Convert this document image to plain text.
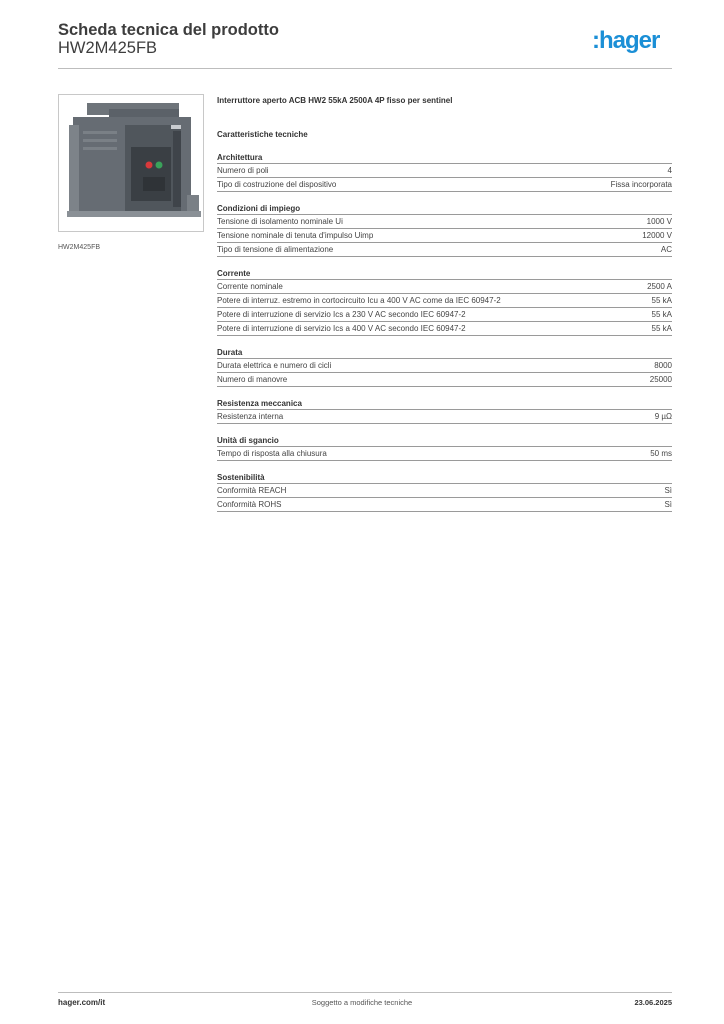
Scheda tecnica del prodotto
HW2M425FB	:hager
HW2M425FB
Interruttore aperto ACB HW2 55kA 2500A 4P fisso per sentinel
Caratteristiche tecniche
Architettura
Numero di poli	4
Tipo di costruzione del dispositivo	Fissa incorporata
Condizioni di impiego
Tensione di isolamento nominale Ui	1000 V
Tensione nominale di tenuta d'impulso Uimp	12000 V
Tipo di tensione di alimentazione	AC
Corrente
Corrente nominale	2500 A
Potere di interruz. estremo in cortocircuito Icu a 400 V AC come da IEC 60947-2	55 kA
Potere di interruzione di servizio Ics a 230 V AC secondo IEC 60947-2	55 kA
Potere di interruzione di servizio Ics a 400 V AC secondo IEC 60947-2	55 kA
Durata
Durata elettrica e numero di cicli	8000
Numero di manovre	25000
Resistenza meccanica
Resistenza interna	9 µΩ
Unità di sgancio
Tempo di risposta alla chiusura	50 ms
Sostenibilità
Conformità REACH	Sì
Conformità ROHS	Sì
hager.com/it	Soggetto a modifiche tecniche	23.06.2025
